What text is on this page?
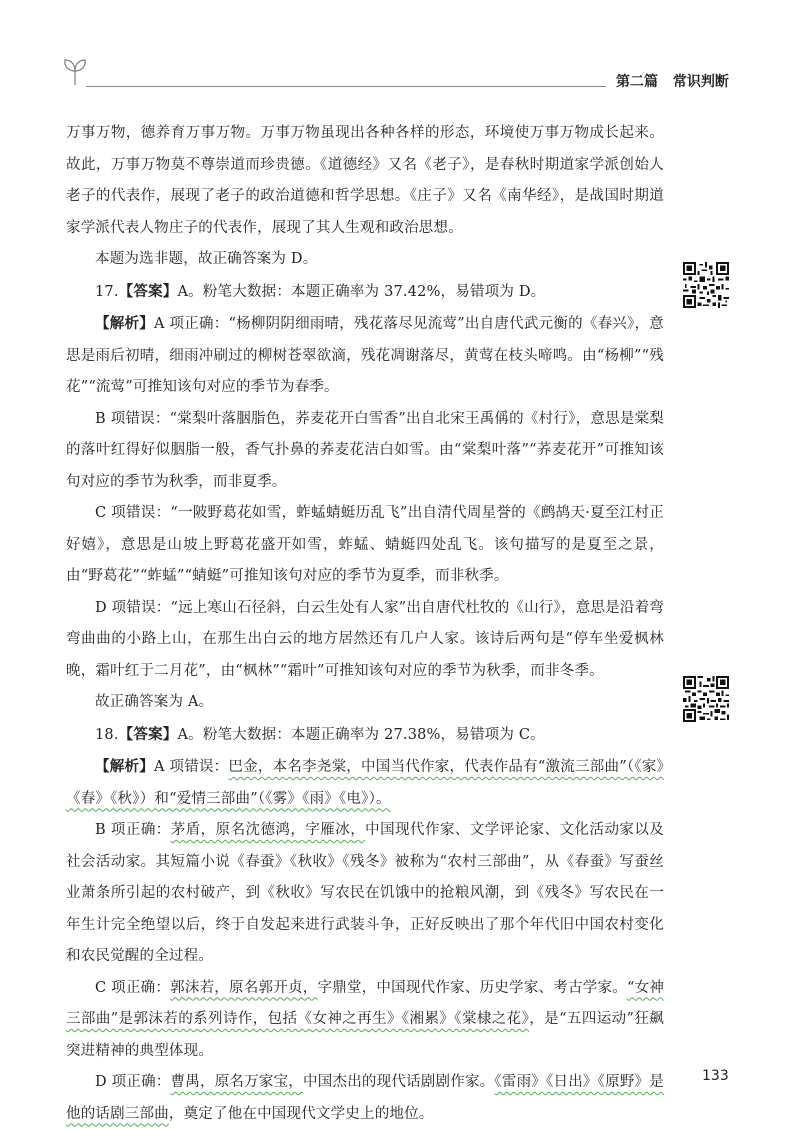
第二篇 常识判断

万事万物，德养育万事万物。万事万物虽现出各种各样的形态，环境使万事万物成长起来。故此，万事万物莫不尊崇道而珍贵德。《道德经》又名《老子》，是春秋时期道家学派创始人老子的代表作，展现了老子的政治道德和哲学思想。《庄子》又名《南华经》，是战国时期道家学派代表人物庄子的代表作，展现了其人生观和政治思想。

本题为选非题，故正确答案为 D。

17.【答案】A。粉笔大数据：本题正确率为 37.42%，易错项为 D。

【解析】A 项正确：“杨柳阴阴细雨晴，残花落尽见流莺”出自唐代武元衡的《春兴》，意思是雨后初晴，细雨冲刷过的柳树苍翠欲滴，残花凋谢落尽，黄莺在枝头啼鸣。由“杨柳”“残花”“流莺”可推知该句对应的季节为春季。

B 项错误：“棠梨叶落胭脂色，荞麦花开白雪香”出自北宋王禹偁的《村行》，意思是棠梨的落叶红得好似胭脂一般，香气扑鼻的荞麦花洁白如雪。由“棠梨叶落”“荞麦花开”可推知该句对应的季节为秋季，而非夏季。

C 项错误：“一陂野葛花如雪，蚱蜢蜻蜓历乱飞”出自清代周星誉的《鹧鸪天·夏至江村正好嬉》，意思是山坡上野葛花盛开如雪，蚱蜢、蜻蜓四处乱飞。该句描写的是夏至之景，由“野葛花”“蚱蜢”“蜻蜓”可推知该句对应的季节为夏季，而非秋季。

D 项错误：“远上寒山石径斜，白云生处有人家”出自唐代杜牧的《山行》，意思是沿着弯弯曲曲的小路上山，在那生出白云的地方居然还有几户人家。该诗后两句是“停车坐爱枫林晚，霜叶红于二月花”，由“枫林”“霜叶”可推知该句对应的季节为秋季，而非冬季。

故正确答案为 A。

18.【答案】A。粉笔大数据：本题正确率为 27.38%，易错项为 C。

【解析】A 项错误：巴金，本名李尧棠，中国当代作家，代表作品有“激流三部曲”（《家》《春》《秋》）和“爱情三部曲”（《雾》《雨》《电》）。

B 项正确：茅盾，原名沈德鸿，字雁冰，中国现代作家、文学评论家、文化活动家以及社会活动家。其短篇小说《春蚕》《秋收》《残冬》被称为“农村三部曲”，从《春蚕》写蚕丝业萧条所引起的农村破产，到《秋收》写农民在饥饿中的抢粮风潮，到《残冬》写农民在一年生计完全绝望以后，终于自发起来进行武装斗争，正好反映出了那个年代旧中国农村变化和农民觉醒的全过程。

C 项正确：郭沫若，原名郭开贞，字鼎堂，中国现代作家、历史学家、考古学家。“女神三部曲”是郭沫若的系列诗作，包括《女神之再生》《湘累》《棠棣之花》，是“五四运动”狂飙突进精神的典型体现。

D 项正确：曹禺，原名万家宝，中国杰出的现代话剧剧作家。《雷雨》《日出》《原野》是他的话剧三部曲，奠定了他在中国现代文学史上的地位。

133
